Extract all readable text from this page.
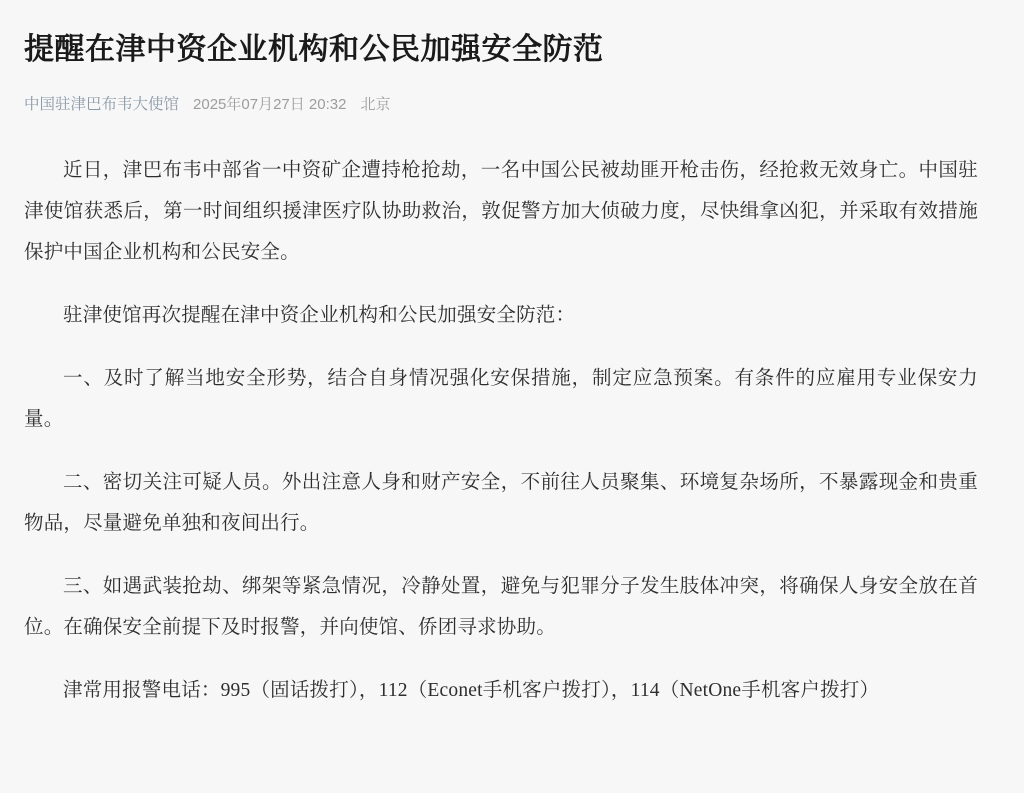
提醒在津中资企业机构和公民加强安全防范
中国驻津巴布韦大使馆 2025年07月27日 20:32 北京

近日，津巴布韦中部省一中资矿企遭持枪抢劫，一名中国公民被劫匪开枪击伤，经抢救无效身亡。中国驻津使馆获悉后，第一时间组织援津医疗队协助救治，敦促警方加大侦破力度，尽快缉拿凶犯，并采取有效措施保护中国企业机构和公民安全。

驻津使馆再次提醒在津中资企业机构和公民加强安全防范：

一、及时了解当地安全形势，结合自身情况强化安保措施，制定应急预案。有条件的应雇用专业保安力量。

二、密切关注可疑人员。外出注意人身和财产安全，不前往人员聚集、环境复杂场所，不暴露现金和贵重物品，尽量避免单独和夜间出行。

三、如遇武装抢劫、绑架等紧急情况，冷静处置，避免与犯罪分子发生肢体冲突，将确保人身安全放在首位。在确保安全前提下及时报警，并向使馆、侨团寻求协助。

津常用报警电话：995（固话拨打），112（Econet手机客户拨打），114（NetOne手机客户拨打）
